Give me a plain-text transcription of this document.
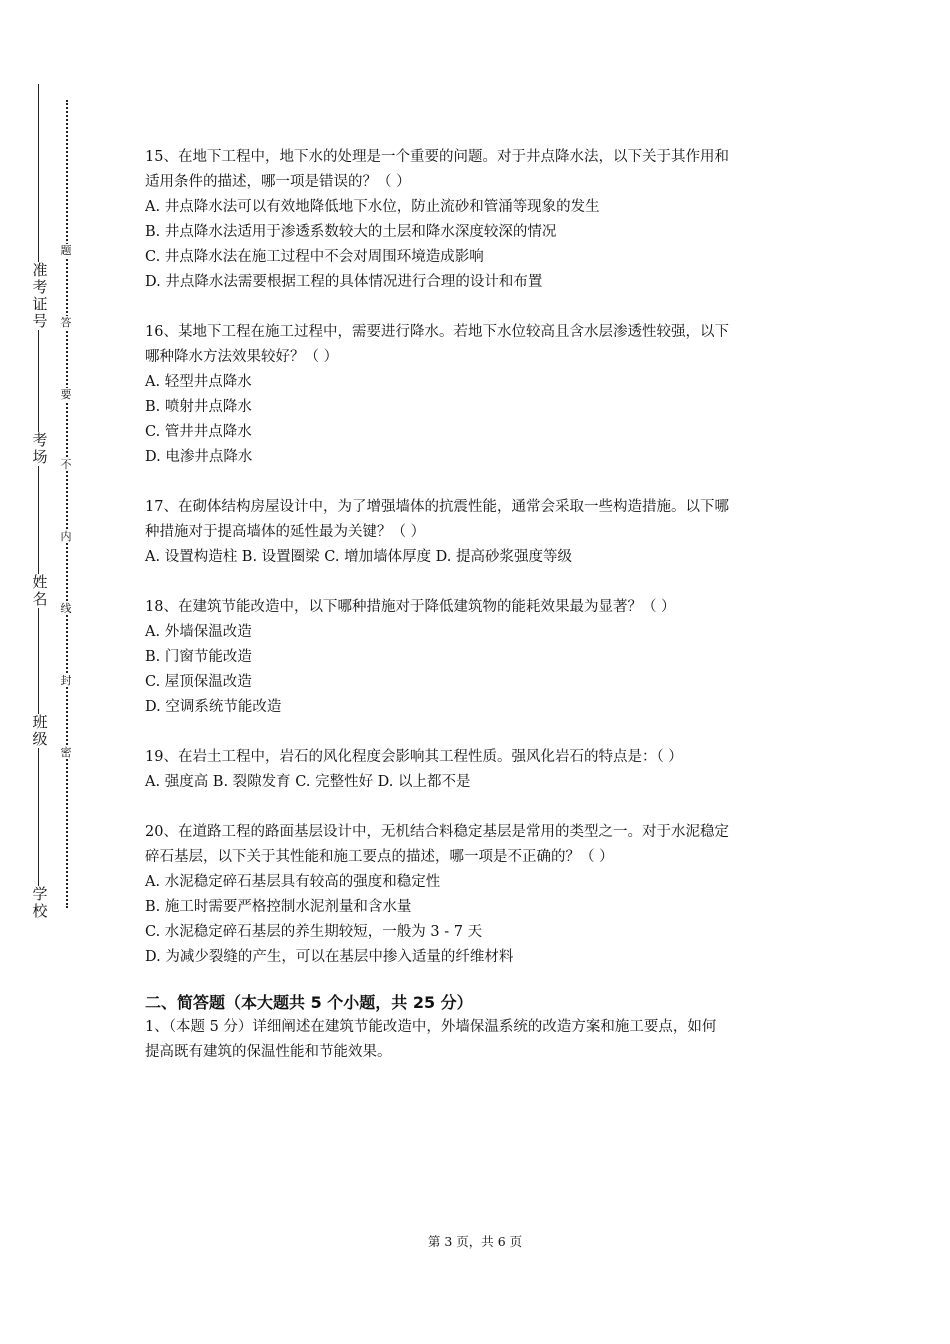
准考证号
考场
姓名
班级
学校
题
答
要
不
内
线
封
密
15、在地下工程中，地下水的处理是一个重要的问题。对于井点降水法，以下关于其作用和
适用条件的描述，哪一项是错误的？（ ）
A. 井点降水法可以有效地降低地下水位，防止流砂和管涌等现象的发生
B. 井点降水法适用于渗透系数较大的土层和降水深度较深的情况
C. 井点降水法在施工过程中不会对周围环境造成影响
D. 井点降水法需要根据工程的具体情况进行合理的设计和布置
16、某地下工程在施工过程中，需要进行降水。若地下水位较高且含水层渗透性较强，以下
哪种降水方法效果较好？（ ）
A. 轻型井点降水
B. 喷射井点降水
C. 管井井点降水
D. 电渗井点降水
17、在砌体结构房屋设计中，为了增强墙体的抗震性能，通常会采取一些构造措施。以下哪
种措施对于提高墙体的延性最为关键？（ ）
A. 设置构造柱 B. 设置圈梁 C. 增加墙体厚度 D. 提高砂浆强度等级
18、在建筑节能改造中，以下哪种措施对于降低建筑物的能耗效果最为显著？（ ）
A. 外墙保温改造
B. 门窗节能改造
C. 屋顶保温改造
D. 空调系统节能改造
19、在岩土工程中，岩石的风化程度会影响其工程性质。强风化岩石的特点是：（ ）
A. 强度高 B. 裂隙发育 C. 完整性好 D. 以上都不是
20、在道路工程的路面基层设计中，无机结合料稳定基层是常用的类型之一。对于水泥稳定
碎石基层，以下关于其性能和施工要点的描述，哪一项是不正确的？（ ）
A. 水泥稳定碎石基层具有较高的强度和稳定性
B. 施工时需要严格控制水泥剂量和含水量
C. 水泥稳定碎石基层的养生期较短，一般为 3 - 7 天
D. 为减少裂缝的产生，可以在基层中掺入适量的纤维材料
二、简答题（本大题共 5 个小题，共 25 分）
1、（本题 5 分）详细阐述在建筑节能改造中，外墙保温系统的改造方案和施工要点，如何
提高既有建筑的保温性能和节能效果。
第 3 页，共 6 页
